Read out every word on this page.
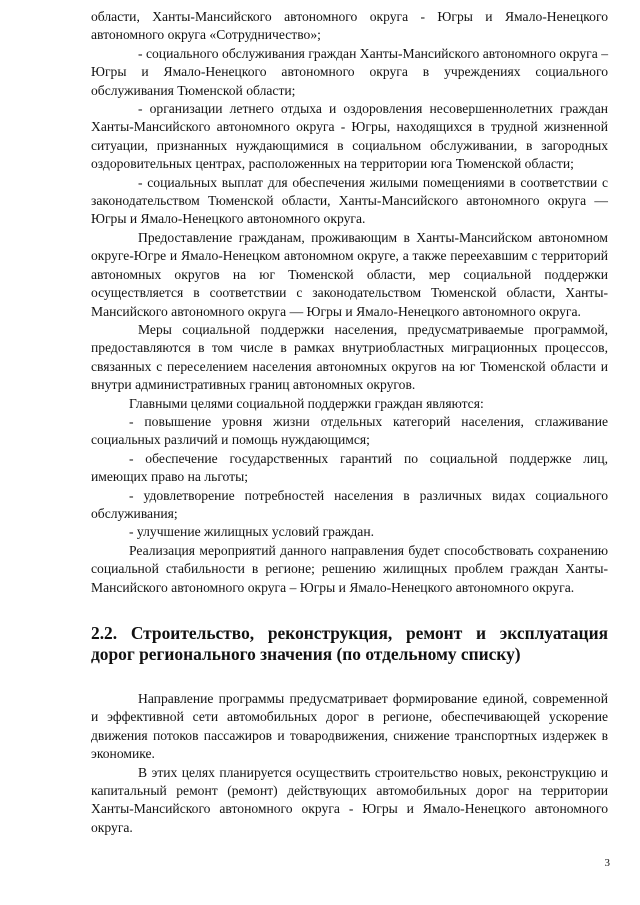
области, Ханты-Мансийского автономного округа - Югры и Ямало-Ненецкого автономного округа «Сотрудничество»;

- социального обслуживания граждан Ханты-Мансийского автономного округа – Югры и Ямало-Ненецкого автономного округа в учреждениях социального обслуживания Тюменской области;

- организации летнего отдыха и оздоровления несовершеннолетних граждан Ханты-Мансийского автономного округа - Югры, находящихся в трудной жизненной ситуации, признанных нуждающимися в социальном обслуживании, в загородных оздоровительных центрах, расположенных на территории юга Тюменской области;

- социальных выплат для обеспечения жилыми помещениями в соответствии с законодательством Тюменской области, Ханты-Мансийского автономного округа — Югры и Ямало-Ненецкого автономного округа.

Предоставление гражданам, проживающим в Ханты-Мансийском автономном округе-Югре и Ямало-Ненецком автономном округе, а также переехавшим с территорий автономных округов на юг Тюменской области, мер социальной поддержки осуществляется в соответствии с законодательством Тюменской области, Ханты-Мансийского автономного округа — Югры и Ямало-Ненецкого автономного округа.

Меры социальной поддержки населения, предусматриваемые программой, предоставляются в том числе в рамках внутриобластных миграционных процессов, связанных с переселением населения автономных округов на юг Тюменской области и внутри административных границ автономных округов.

Главными целями социальной поддержки граждан являются:

- повышение уровня жизни отдельных категорий населения, сглаживание социальных различий и помощь нуждающимся;

- обеспечение государственных гарантий по социальной поддержке лиц, имеющих право на льготы;

- удовлетворение потребностей населения в различных видах социального обслуживания;

- улучшение жилищных условий граждан.

Реализация мероприятий данного направления будет способствовать сохранению социальной стабильности в регионе; решению жилищных проблем граждан Ханты-Мансийского автономного округа – Югры и Ямало-Ненецкого автономного округа.

2.2. Строительство, реконструкция, ремонт и эксплуатация дорог регионального значения (по отдельному списку)

Направление программы предусматривает формирование единой, современной и эффективной сети автомобильных дорог в регионе, обеспечивающей ускорение движения потоков пассажиров и товародвижения, снижение транспортных издержек в экономике.

В этих целях планируется осуществить строительство новых, реконструкцию и капитальный ремонт (ремонт) действующих автомобильных дорог на территории Ханты-Мансийского автономного округа - Югры и Ямало-Ненецкого автономного округа.

3
